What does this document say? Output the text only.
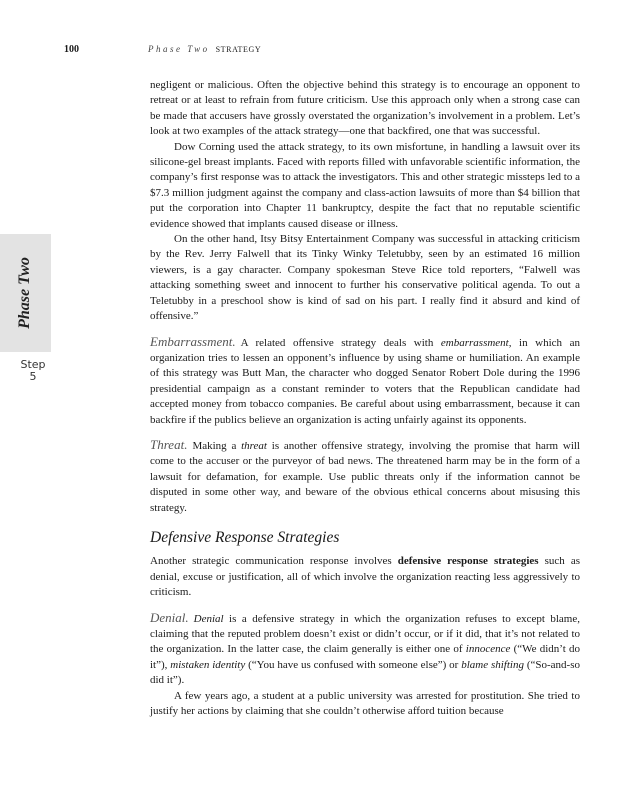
100	Phase Two STRATEGY
Phase Two
Step
5

negligent or malicious. Often the objective behind this strategy is to encourage an opponent to retreat or at least to refrain from future criticism. Use this approach only when a strong case can be made that accusers have grossly overstated the organization’s involvement in a problem. Let’s look at two examples of the attack strategy—one that backfired, one that was successful.

Dow Corning used the attack strategy, to its own misfortune, in handling a lawsuit over its silicone-gel breast implants. Faced with reports filled with unfavorable scientific information, the company’s first response was to attack the investigators. This and other strategic missteps led to a $7.3 million judgment against the company and class-action lawsuits of more than $4 billion that put the corporation into Chapter 11 bankruptcy, despite the fact that no reputable scientific evidence showed that implants caused disease or illness.

On the other hand, Itsy Bitsy Entertainment Company was successful in attacking criticism by the Rev. Jerry Falwell that its Tinky Winky Teletubby, seen by an estimated 16 million viewers, is a gay character. Company spokesman Steve Rice told reporters, “Falwell was attacking something sweet and innocent to further his conservative political agenda. To out a Teletubby in a preschool show is kind of sad on his part. I really find it absurd and kind of offensive.”

Embarrassment. A related offensive strategy deals with embarrassment, in which an organization tries to lessen an opponent’s influence by using shame or humiliation. An example of this strategy was Butt Man, the character who dogged Senator Robert Dole during the 1996 presidential campaign as a constant reminder to voters that the Republican candidate had accepted money from tobacco companies. Be careful about using embarrassment, because it can backfire if the publics believe an organization is acting unfairly against its opponents.

Threat. Making a threat is another offensive strategy, involving the promise that harm will come to the accuser or the purveyor of bad news. The threatened harm may be in the form of a lawsuit for defamation, for example. Use public threats only if the information cannot be disputed in some other way, and beware of the obvious ethical concerns about misusing this strategy.

Defensive Response Strategies

Another strategic communication response involves defensive response strategies such as denial, excuse or justification, all of which involve the organization reacting less aggressively to criticism.

Denial. Denial is a defensive strategy in which the organization refuses to except blame, claiming that the reputed problem doesn’t exist or didn’t occur, or if it did, that it’s not related to the organization. In the latter case, the claim generally is either one of innocence (“We didn’t do it”), mistaken identity (“You have us confused with someone else”) or blame shifting (“So-and-so did it”).

A few years ago, a student at a public university was arrested for prostitution. She tried to justify her actions by claiming that she couldn’t otherwise afford tuition because
